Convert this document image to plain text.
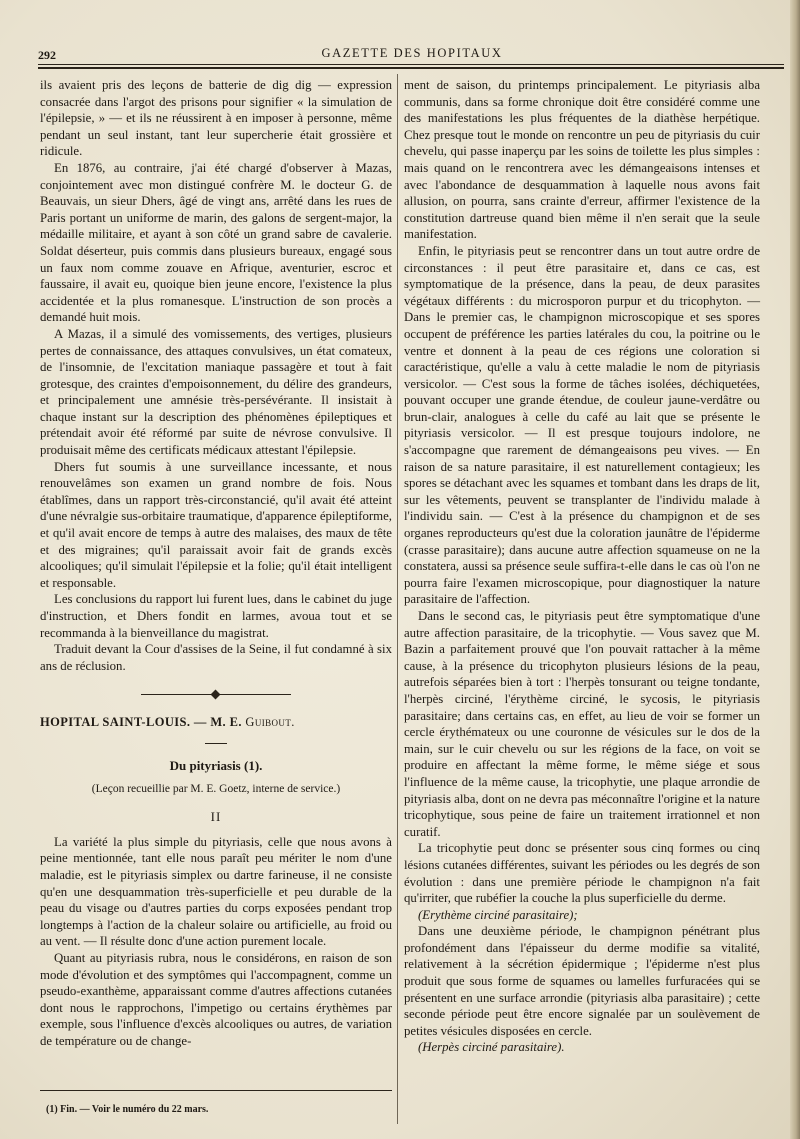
292	GAZETTE DES HOPITAUX

ils avaient pris des leçons de batterie de dig dig — expression consacrée dans l'argot des prisons pour signifier « la simulation de l'épilepsie, » — et ils ne réussirent à en imposer à personne, même pendant un seul instant, tant leur supercherie était grossière et ridicule.

En 1876, au contraire, j'ai été chargé d'observer à Mazas, conjointement avec mon distingué confrère M. le docteur G. de Beauvais, un sieur Dhers, âgé de vingt ans, arrêté dans les rues de Paris portant un uniforme de marin, des galons de sergent-major, la médaille militaire, et ayant à son côté un grand sabre de cavalerie. Soldat déserteur, puis commis dans plusieurs bureaux, engagé sous un faux nom comme zouave en Afrique, aventurier, escroc et faussaire, il avait eu, quoique bien jeune encore, l'existence la plus accidentée et la plus romanesque. L'instruction de son procès a demandé huit mois.

A Mazas, il a simulé des vomissements, des vertiges, plusieurs pertes de connaissance, des attaques convulsives, un état comateux, de l'insomnie, de l'excitation maniaque passagère et tout à fait grotesque, des craintes d'empoisonnement, du délire des grandeurs, et principalement une amnésie très-persévérante. Il insistait à chaque instant sur la description des phénomènes épileptiques et prétendait avoir été réformé par suite de névrose convulsive. Il produisait même des certificats médicaux attestant l'épilepsie.

Dhers fut soumis à une surveillance incessante, et nous renouvelâmes son examen un grand nombre de fois. Nous établîmes, dans un rapport très-circonstancié, qu'il avait été atteint d'une névralgie sus-orbitaire traumatique, d'apparence épileptiforme, et qu'il avait encore de temps à autre des malaises, des maux de tête et des migraines; qu'il paraissait avoir fait de grands excès alcooliques; qu'il simulait l'épilepsie et la folie; qu'il était intelligent et responsable.

Les conclusions du rapport lui furent lues, dans le cabinet du juge d'instruction, et Dhers fondit en larmes, avoua tout et se recommanda à la bienveillance du magistrat.

Traduit devant la Cour d'assises de la Seine, il fut condamné à six ans de réclusion.

HOPITAL SAINT-LOUIS. — M. E. Guibout.
Du pityriasis (1).
(Leçon recueillie par M. E. Goetz, interne de service.)
II

La variété la plus simple du pityriasis, celle que nous avons à peine mentionnée, tant elle nous paraît peu mériter le nom d'une maladie, est le pityriasis simplex ou dartre farineuse, il ne consiste qu'en une desquammation très-superficielle et peu durable de la peau du visage ou d'autres parties du corps exposées pendant trop longtemps à l'action de la chaleur solaire ou artificielle, au froid ou au vent. — Il résulte donc d'une action purement locale.

Quant au pityriasis rubra, nous le considérons, en raison de son mode d'évolution et des symptômes qui l'accompagnent, comme un pseudo-exanthème, apparaissant comme d'autres affections cutanées dont nous le rapprochons, l'impetigo ou certains érythèmes par exemple, sous l'influence d'excès alcooliques ou autres, de variation de température ou de change-

ment de saison, du printemps principalement. Le pityriasis alba communis, dans sa forme chronique doit être considéré comme une des manifestations les plus fréquentes de la diathèse herpétique. Chez presque tout le monde on rencontre un peu de pityriasis du cuir chevelu, qui passe inaperçu par les soins de toilette les plus simples : mais quand on le rencontrera avec les démangeaisons intenses et avec l'abondance de desquammation à laquelle nous avons fait allusion, on pourra, sans crainte d'erreur, affirmer l'existence de la constitution dartreuse quand bien même il n'en serait que la seule manifestation.

Enfin, le pityriasis peut se rencontrer dans un tout autre ordre de circonstances : il peut être parasitaire et, dans ce cas, est symptomatique de la présence, dans la peau, de deux parasites végétaux différents : du microsporon purpur et du tricophyton. — Dans le premier cas, le champignon microscopique et ses spores occupent de préférence les parties latérales du cou, la poitrine ou le ventre et donnent à la peau de ces régions une coloration si caractéristique, qu'elle a valu à cette maladie le nom de pityriasis versicolor. — C'est sous la forme de tâches isolées, déchiquetées, pouvant occuper une grande étendue, de couleur jaune-verdâtre ou brun-clair, analogues à celle du café au lait que se présente le pityriasis versicolor. — Il est presque toujours indolore, ne s'accompagne que rarement de démangeaisons peu vives. — En raison de sa nature parasitaire, il est naturellement contagieux; les spores se détachant avec les squames et tombant dans les draps de lit, sur les vêtements, peuvent se transplanter de l'individu malade à l'individu sain. — C'est à la présence du champignon et de ses organes reproducteurs qu'est due la coloration jaunâtre de l'épiderme (crasse parasitaire); dans aucune autre affection squameuse on ne la constatera, aussi sa présence seule suffira-t-elle dans le cas où l'on ne pourra faire l'examen microscopique, pour diagnostiquer la nature parasitaire de l'affection.

Dans le second cas, le pityriasis peut être symptomatique d'une autre affection parasitaire, de la tricophytie. — Vous savez que M. Bazin a parfaitement prouvé que l'on pouvait rattacher à la même cause, à la présence du tricophyton plusieurs lésions de la peau, autrefois séparées bien à tort : l'herpès tonsurant ou teigne tondante, l'herpès circiné, l'érythème circiné, le sycosis, le pityriasis parasitaire; dans certains cas, en effet, au lieu de voir se former un cercle érythémateux ou une couronne de vésicules sur le dos de la main, sur le cuir chevelu ou sur les régions de la face, on voit se produire en affectant la même forme, le même siége et sous l'influence de la même cause, la tricophytie, une plaque arrondie de pityriasis alba, dont on ne devra pas méconnaître l'origine et la nature tricophytique, sous peine de faire un traitement irrationnel et non curatif.

La tricophytie peut donc se présenter sous cinq formes ou cinq lésions cutanées différentes, suivant les périodes ou les degrés de son évolution : dans une première période le champignon n'a fait qu'irriter, que rubéfier la couche la plus superficielle du derme.

(Erythème circiné parasitaire);

Dans une deuxième période, le champignon pénétrant plus profondément dans l'épaisseur du derme modifie sa vitalité, relativement à la sécrétion épidermique ; l'épiderme n'est plus produit que sous forme de squames ou lamelles furfuracées qui se présentent en une surface arrondie (pityriasis alba parasitaire) ; cette seconde période peut être encore signalée par un soulèvement de petites vésicules disposées en cercle.

(Herpès circiné parasitaire).

(1) Fin. — Voir le numéro du 22 mars.
